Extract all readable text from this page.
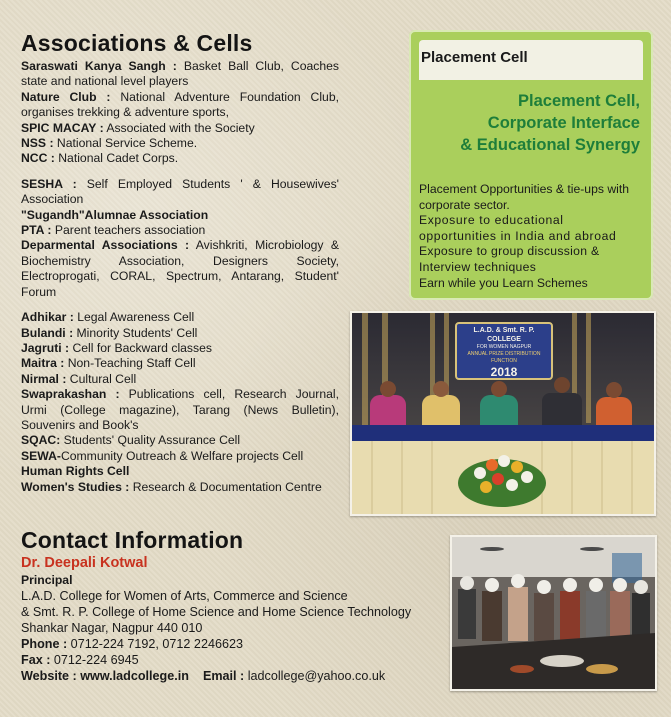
Associations & Cells

Saraswati Kanya Sangh : Basket Ball Club, Coaches state and national level players

Nature Club : National Adventure Foundation Club, organises trekking & adventure sports,

SPIC MACAY : Associated with the Society

NSS : National Service Scheme.

NCC : National Cadet Corps.

SESHA : Self Employed Students ' & Housewives' Association

"Sugandh"Alumnae Association

PTA : Parent teachers association

Deparmental Associations : Avishkriti, Microbiology & Biochemistry Association, Designers Society, Electroprogati, CORAL, Spectrum, Antarang, Student' Forum

Adhikar : Legal Awareness Cell

Bulandi : Minority Students' Cell

Jagruti : Cell for Backward classes

Maitra : Non-Teaching Staff Cell

Nirmal : Cultural Cell

Swaprakashan : Publications cell, Research Journal, Urmi (College magazine), Tarang (News Bulletin), Souvenirs and Book's

SQAC: Students' Quality Assurance Cell

SEWA-Community Outreach & Welfare projects Cell

Human Rights Cell

Women's Studies : Research & Documentation Centre

Placement Cell
Placement Cell,
Corporate Interface
& Educational Synergy

Placement Opportunities & tie-ups with corporate sector.

Exposure to educational opportunities in India and abroad

Exposure to group discussion & Interview techniques

Earn while you Learn Schemes

L.A.D. & Smt. R. P. COLLEGE
FOR WOMEN NAGPUR
ANNUAL PRIZE DISTRIBUTION FUNCTION
2018
Contact Information

Dr. Deepali Kotwal

Principal

L.A.D. College for Women of Arts, Commerce and Science

& Smt. R. P. College of Home Science and Home Science Technology

Shankar Nagar, Nagpur 440 010

Phone : 0712-224 7192, 0712 2246623

Fax : 0712-224 6945

Website : www.ladcollege.in Email : ladcollege@yahoo.co.uk
